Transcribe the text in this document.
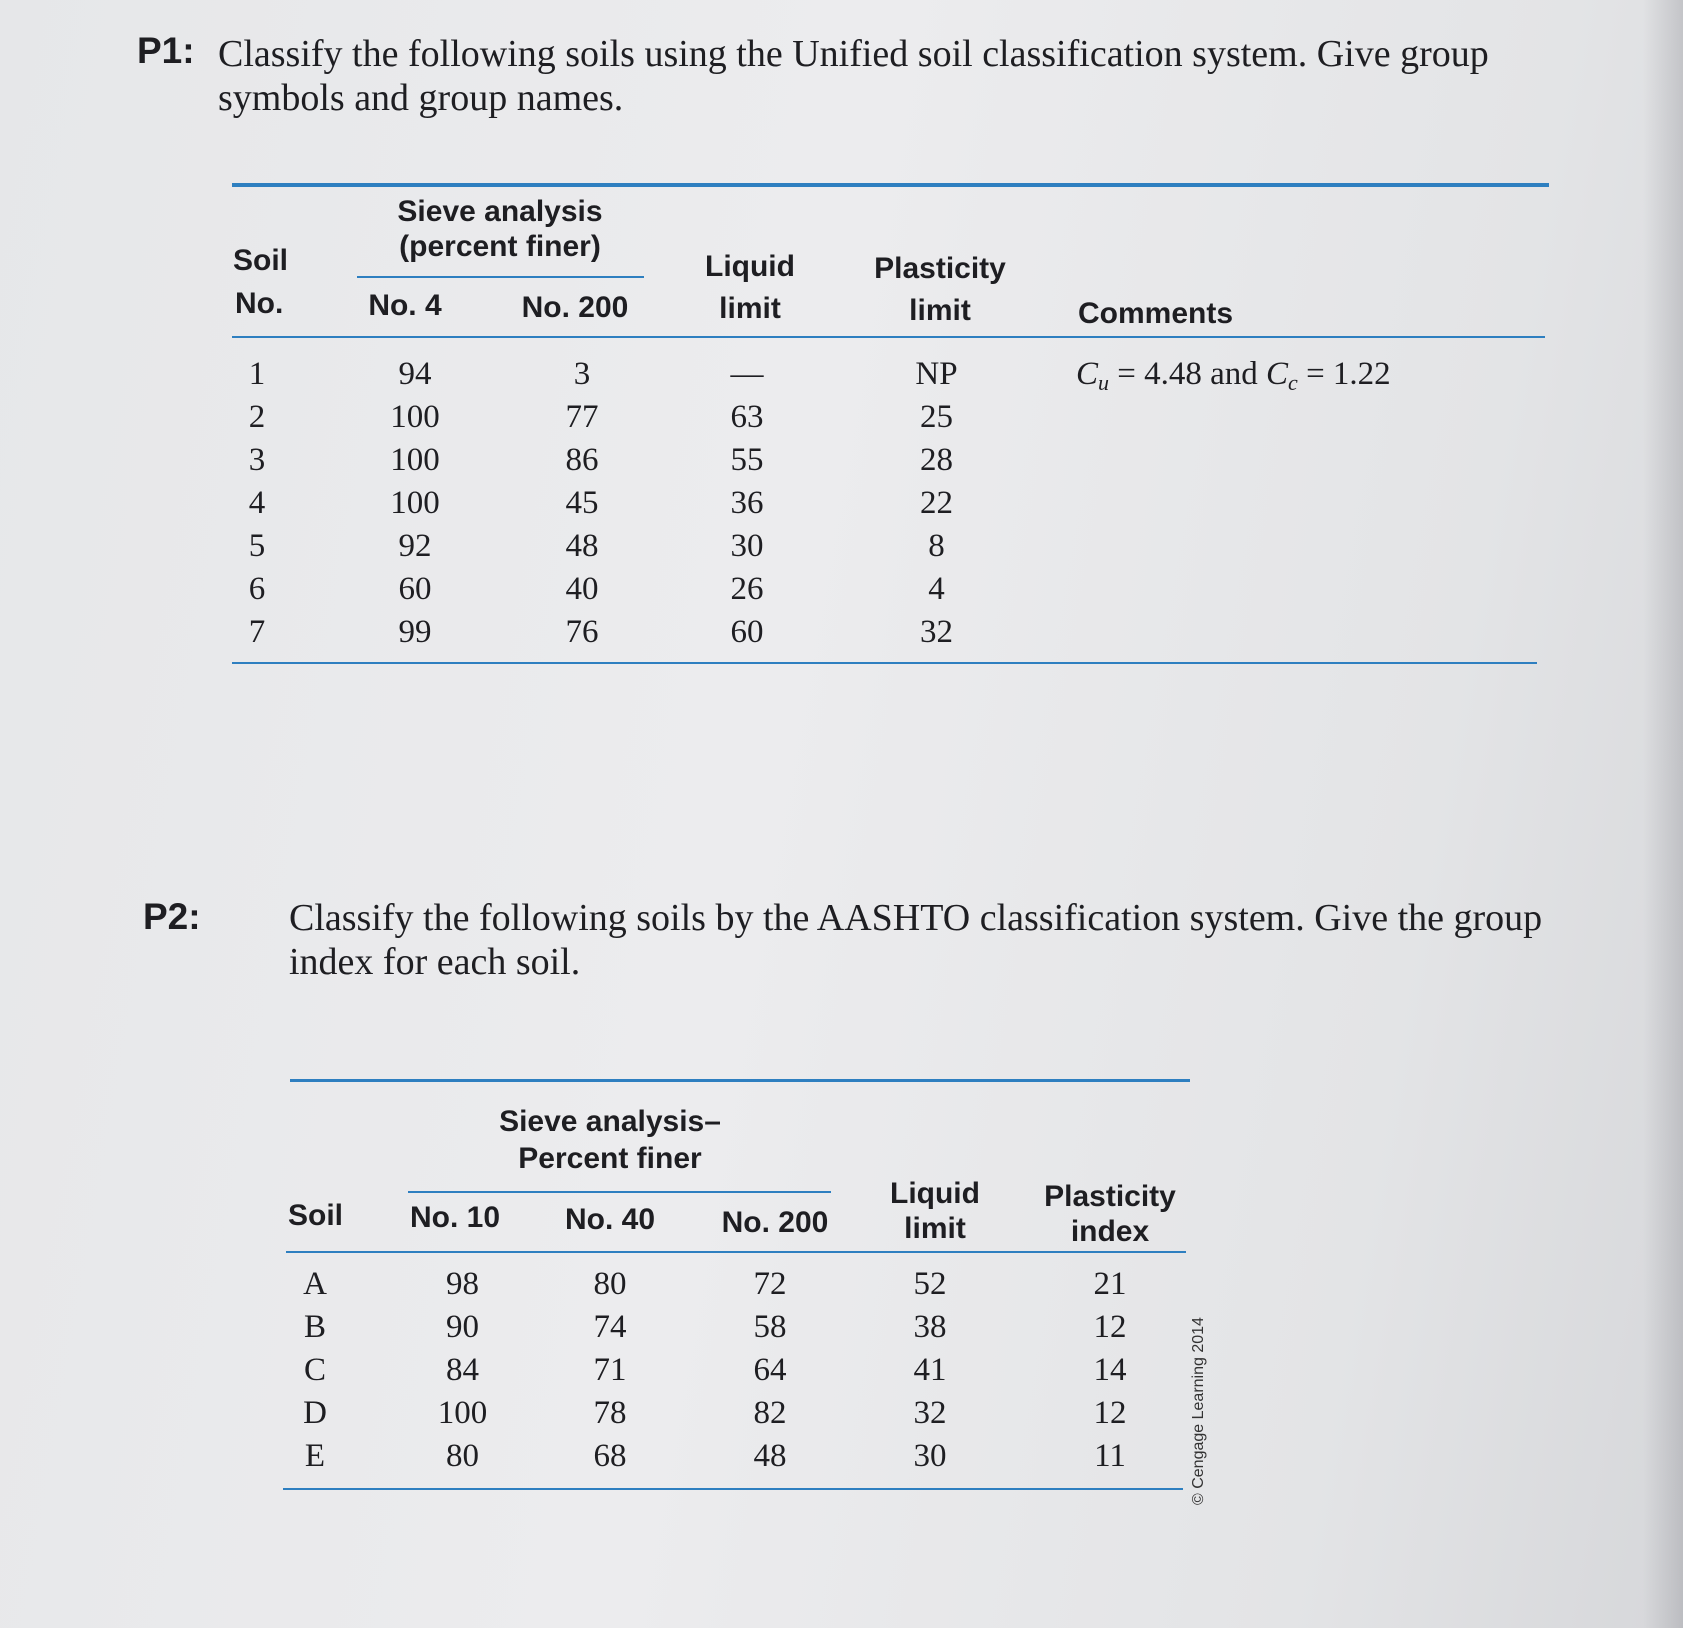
P1: Classify the following soils using the Unified soil classification system. Give group symbols and group names.
Soil
No.
Sieve analysis
(percent finer)
No. 4	No. 200
Liquid
limit
Plasticity
limit	Comments
1	94	3	—	NP	$C_u = 4.48$ and $C_c = 1.22$
2	100	77	63	25
3	100	86	55	28
4	100	45	36	22
5	92	48	30	8
6	60	40	26	4
7	99	76	60	32
P2: Classify the following soils by the AASHTO classification system. Give the group index for each soil.
Sieve analysis–
Percent finer
Soil	No. 10	No. 40	No. 200
Liquid
limit
Plasticity
index
A	98	80	72	52	21
B	90	74	58	38	12
C	84	71	64	41	14
D	100	78	82	32	12
E	80	68	48	30	11	© Cengage Learning 2014
